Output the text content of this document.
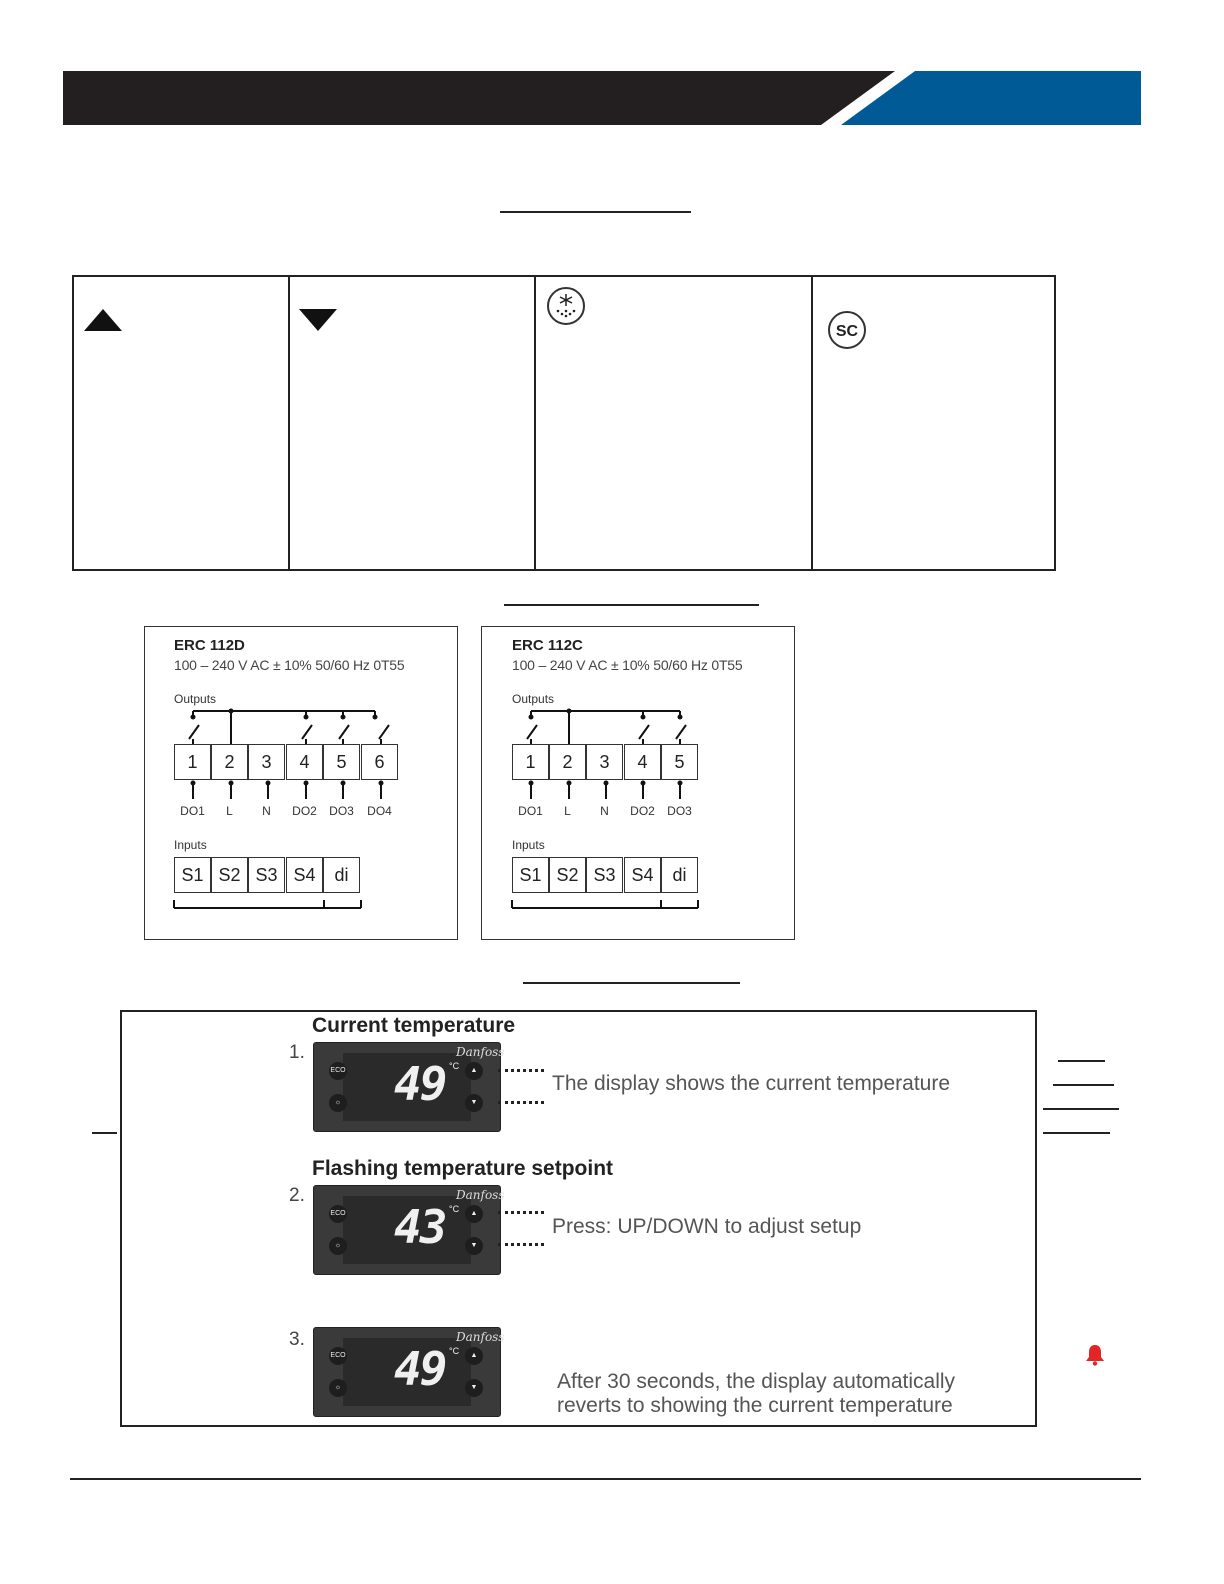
SC
ERC 112D
100 – 240 V AC ± 10% 50/60 Hz 0T55
Outputs
1	2	3	4	5	6
DO1	L	N	DO2	DO3	DO4
Inputs
S1 S2 S3 S4	di
ERC 112C
100 – 240 V AC ± 10% 50/60 Hz 0T55
Outputs
1	2	3	4	5
DO1	L	N	DO2	DO3
Inputs
S1 S2 S3 S4	di
Current temperature
1.	Danfoss
49 °C
ECO
☼
▲
▼
The display shows the current temperature
Flashing temperature setpoint
2.	Danfoss
43 °C
ECO
☼
▲
▼
Press: UP/DOWN to adjust setup
3.	Danfoss
49 °C
ECO
☼
▲
▼	After 30 seconds, the display automatically
reverts to showing the current temperature
